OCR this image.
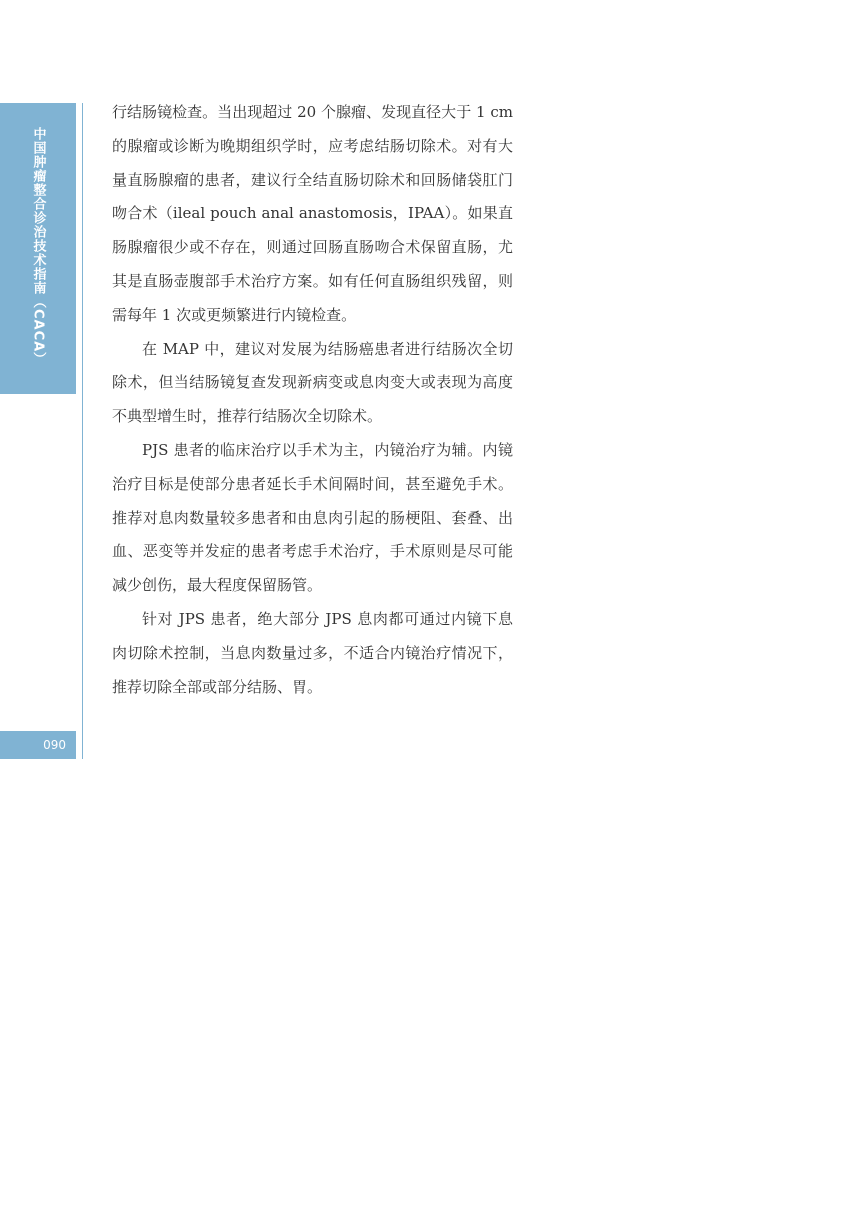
中国肿瘤整合诊治技术指南（CACA）
090

行结肠镜检查。当出现超过 20 个腺瘤、发现直径大于 1 cm 的腺瘤或诊断为晚期组织学时，应考虑结肠切除术。对有大量直肠腺瘤的患者，建议行全结直肠切除术和回肠储袋肛门吻合术（ileal pouch anal anastomosis，IPAA）。如果直肠腺瘤很少或不存在，则通过回肠直肠吻合术保留直肠，尤其是直肠壶腹部手术治疗方案。如有任何直肠组织残留，则需每年 1 次或更频繁进行内镜检查。

在 MAP 中，建议对发展为结肠癌患者进行结肠次全切除术，但当结肠镜复查发现新病变或息肉变大或表现为高度不典型增生时，推荐行结肠次全切除术。

PJS 患者的临床治疗以手术为主，内镜治疗为辅。内镜治疗目标是使部分患者延长手术间隔时间，甚至避免手术。推荐对息肉数量较多患者和由息肉引起的肠梗阻、套叠、出血、恶变等并发症的患者考虑手术治疗，手术原则是尽可能减少创伤，最大程度保留肠管。

针对 JPS 患者，绝大部分 JPS 息肉都可通过内镜下息肉切除术控制，当息肉数量过多，不适合内镜治疗情况下，推荐切除全部或部分结肠、胃。
